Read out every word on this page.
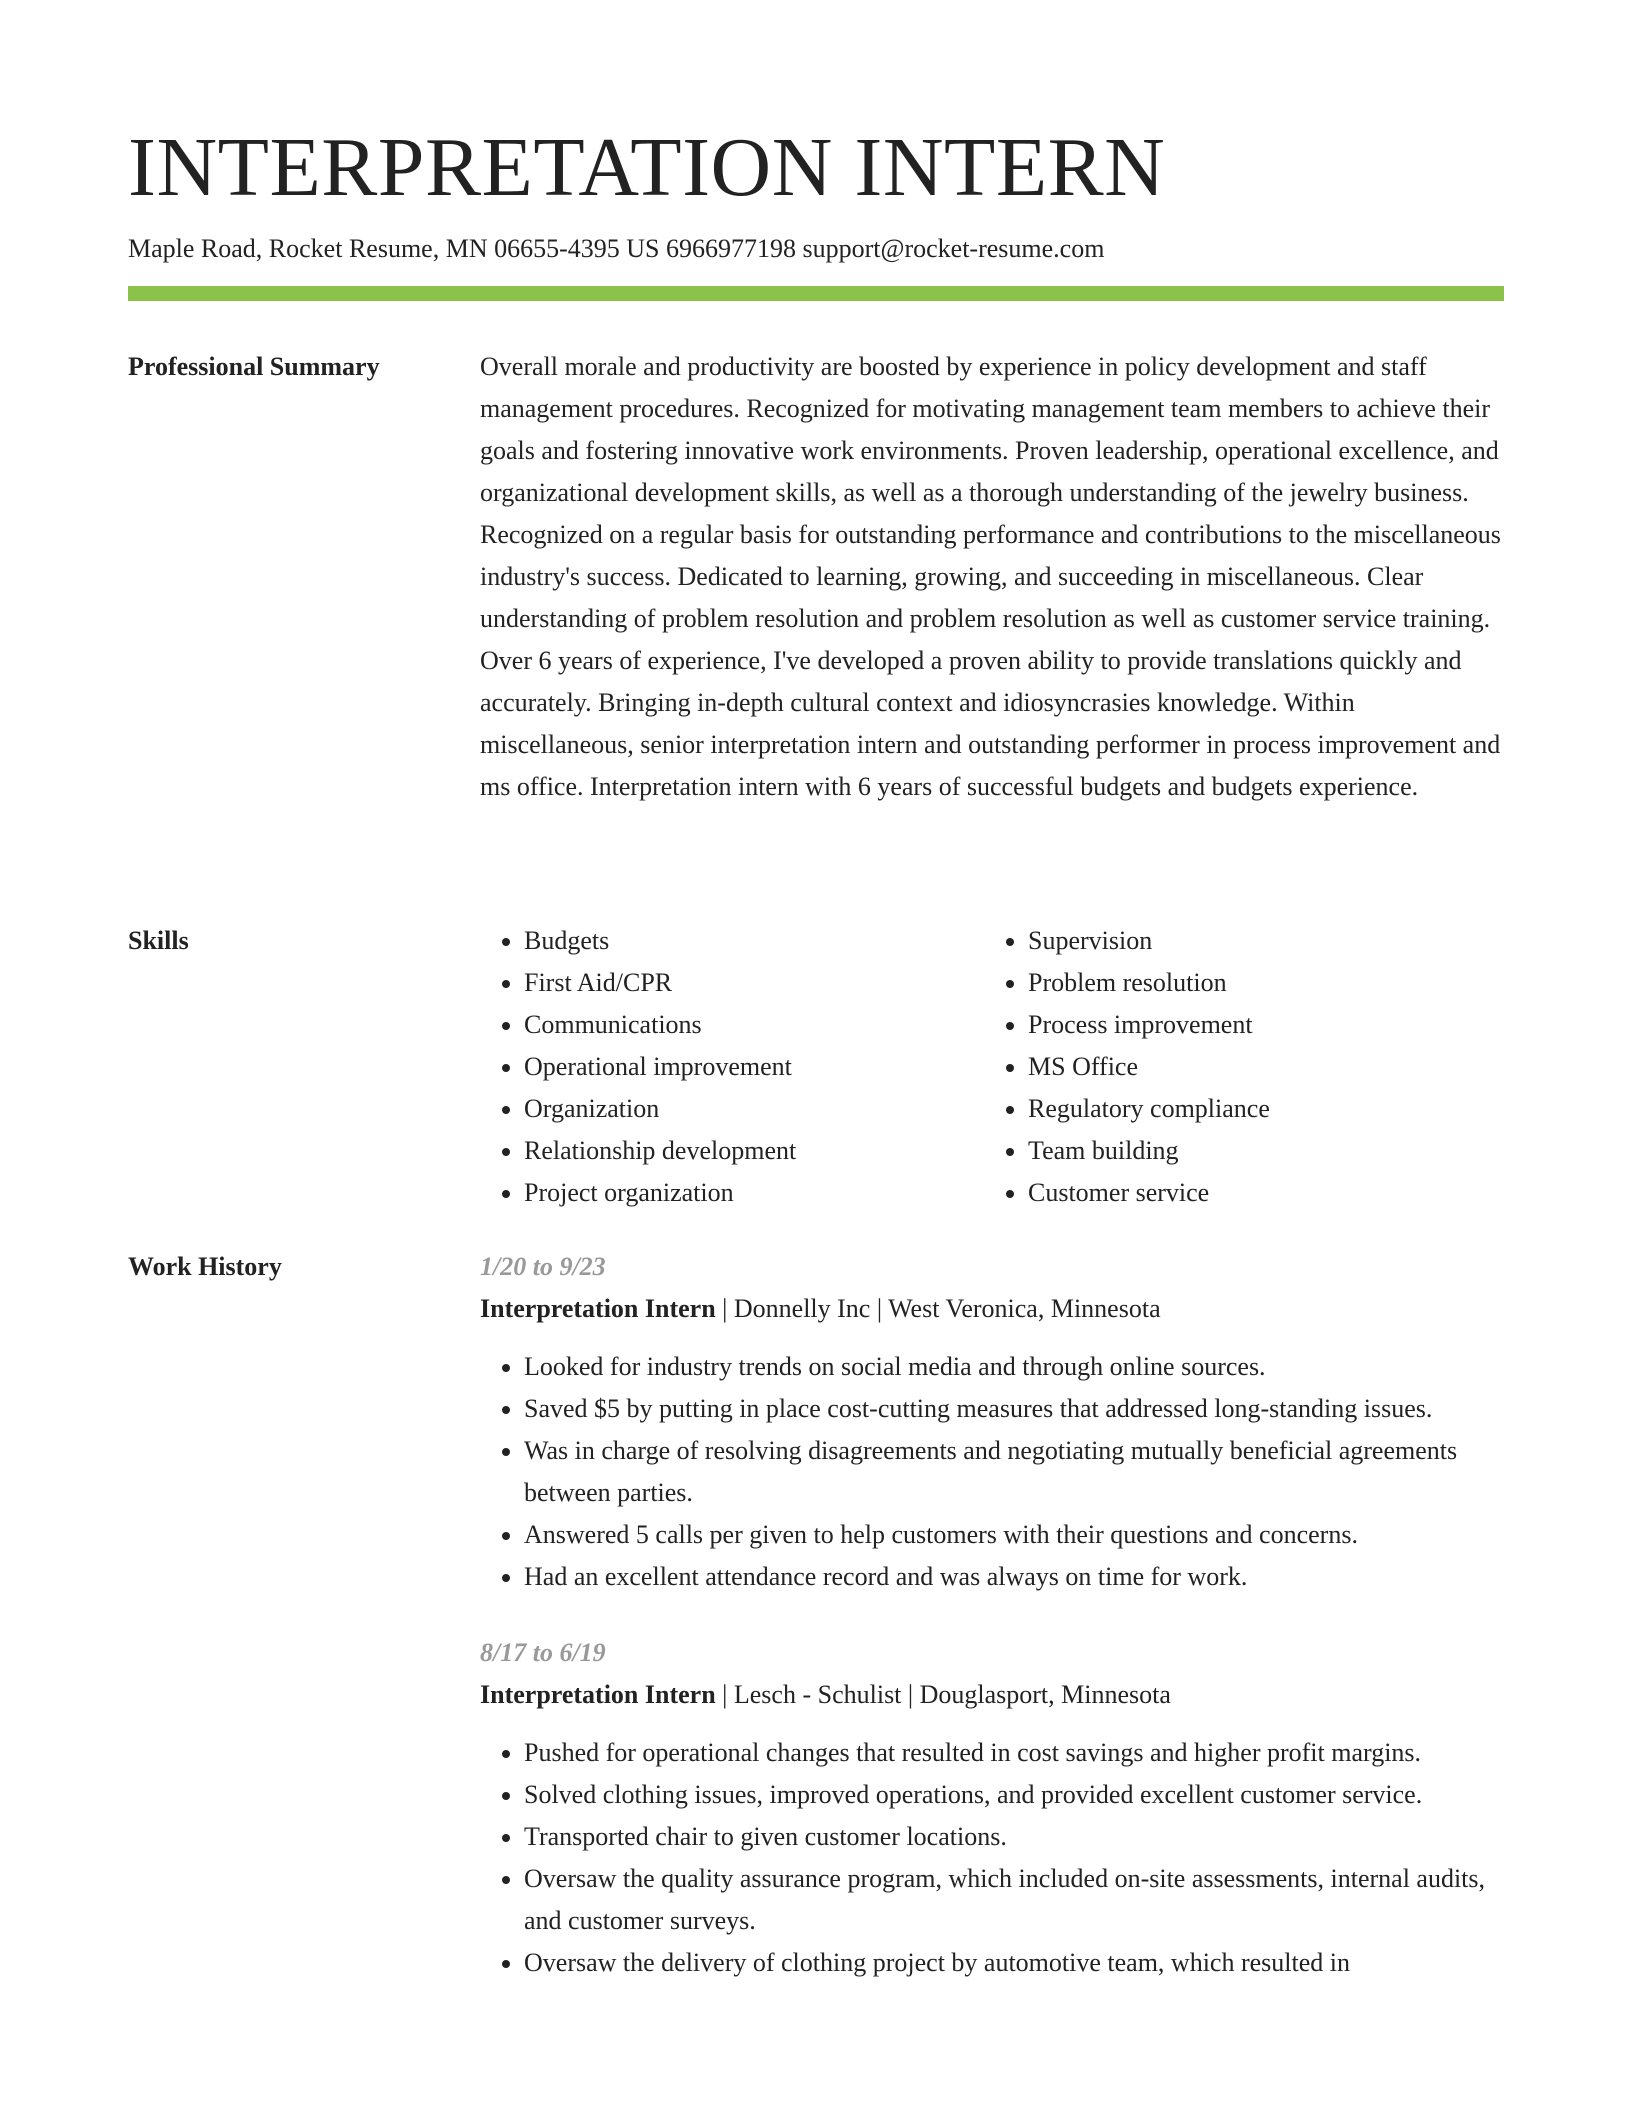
INTERPRETATION INTERN
Maple Road, Rocket Resume, MN 06655-4395 US 6966977198 support@rocket-resume.com
Professional Summary	Overall morale and productivity are boosted by experience in policy development and staff management procedures. Recognized for motivating management team members to achieve their goals and fostering innovative work environments. Proven leadership, operational excellence, and organizational development skills, as well as a thorough understanding of the jewelry business. Recognized on a regular basis for outstanding performance and contributions to the miscellaneous industry's success. Dedicated to learning, growing, and succeeding in miscellaneous. Clear understanding of problem resolution and problem resolution as well as customer service training. Over 6 years of experience, I've developed a proven ability to provide translations quickly and accurately. Bringing in-depth cultural context and idiosyncrasies knowledge. Within miscellaneous, senior interpretation intern and outstanding performer in process improvement and ms office. Interpretation intern with 6 years of successful budgets and budgets experience.

Skills
•	Budgets
• First Aid/CPR
• Communications
• Operational improvement
• Organization
• Relationship development
• Project organization
• Supervision
• Problem resolution
• Process improvement
• MS Office
• Regulatory compliance
• Team building
• Customer service
Work History	1/20 to 9/23
Interpretation Intern | Donnelly Inc | West Veronica, Minnesota
• Looked for industry trends on social media and through online sources.
• Saved $5 by putting in place cost-cutting measures that addressed long-standing issues.
• Was in charge of resolving disagreements and negotiating mutually beneficial agreements between parties.
• Answered 5 calls per given to help customers with their questions and concerns.
• Had an excellent attendance record and was always on time for work.
8/17 to 6/19
Interpretation Intern | Lesch - Schulist | Douglasport, Minnesota
• Pushed for operational changes that resulted in cost savings and higher profit margins.
• Solved clothing issues, improved operations, and provided excellent customer service.
• Transported chair to given customer locations.
• Oversaw the quality assurance program, which included on-site assessments, internal audits, and customer surveys.
• Oversaw the delivery of clothing project by automotive team, which resulted in
